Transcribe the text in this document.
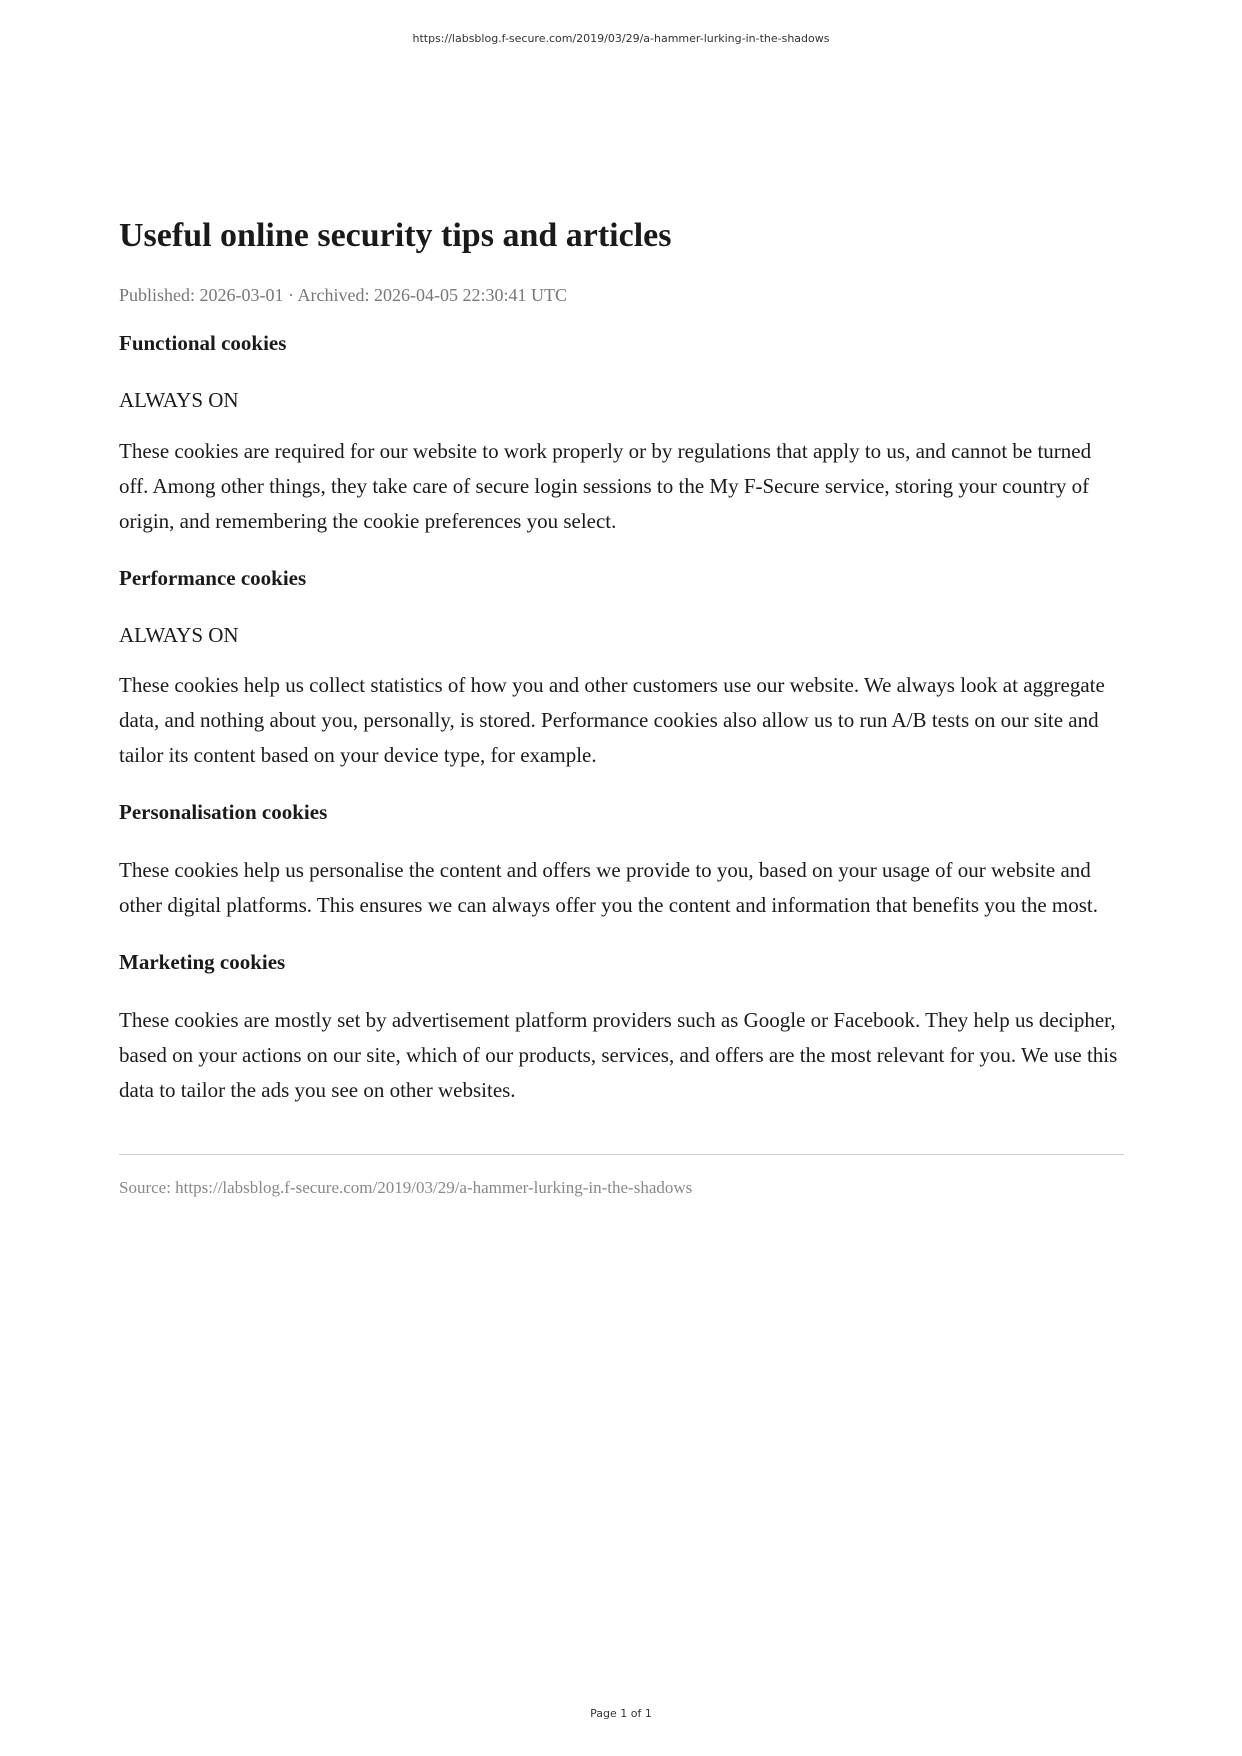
https://labsblog.f-secure.com/2019/03/29/a-hammer-lurking-in-the-shadows
Useful online security tips and articles
Published: 2026-03-01 · Archived: 2026-04-05 22:30:41 UTC
Functional cookies
ALWAYS ON

These cookies are required for our website to work properly or by regulations that apply to us, and cannot be turned off. Among other things, they take care of secure login sessions to the My F-Secure service, storing your country of origin, and remembering the cookie preferences you select.

Performance cookies
ALWAYS ON

These cookies help us collect statistics of how you and other customers use our website. We always look at aggregate data, and nothing about you, personally, is stored. Performance cookies also allow us to run A/B tests on our site and tailor its content based on your device type, for example.

Personalisation cookies

These cookies help us personalise the content and offers we provide to you, based on your usage of our website and other digital platforms. This ensures we can always offer you the content and information that benefits you the most.

Marketing cookies

These cookies are mostly set by advertisement platform providers such as Google or Facebook. They help us decipher, based on your actions on our site, which of our products, services, and offers are the most relevant for you. We use this data to tailor the ads you see on other websites.

Source: https://labsblog.f-secure.com/2019/03/29/a-hammer-lurking-in-the-shadows
Page 1 of 1
